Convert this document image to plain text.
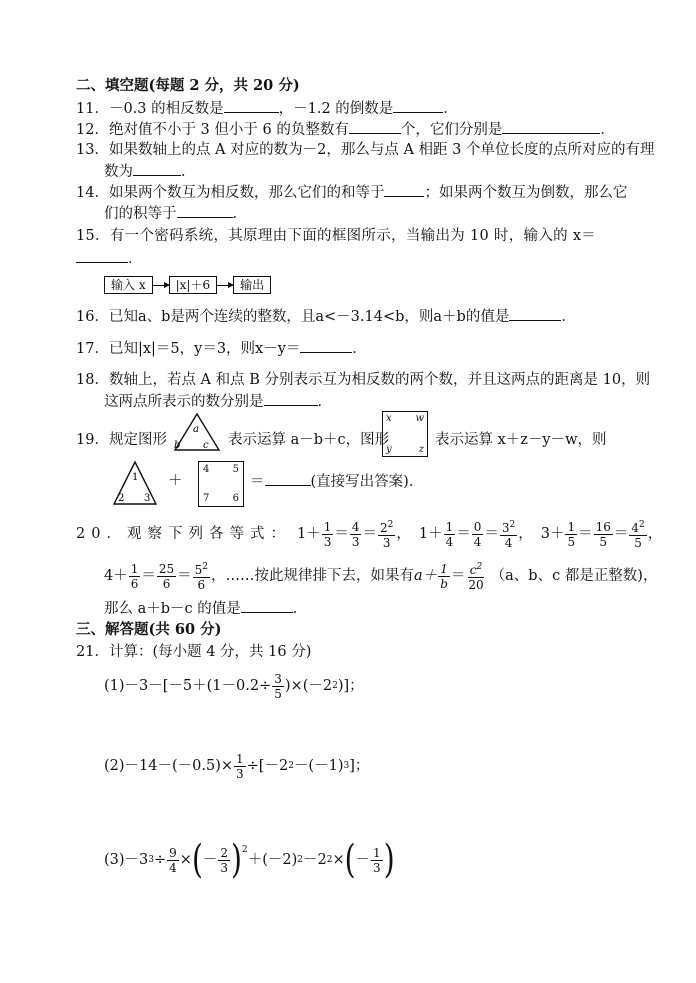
二、填空题(每题 2 分，共 20 分)
11．－0.3 的相反数是	，－1.2 的倒数是	．
12．绝对值不小于 3 但小于 6 的负整数有	个，它们分别是	．
13．如果数轴上的点 A 对应的数为－2，那么与点 A 相距 3 个单位长度的点所对应的有理
数为	．
14．如果两个数互为相反数，那么它们的和等于	；如果两个数互为倒数，那么它
们的积等于	．
15．有一个密码系统，其原理由下面的框图所示，当输出为 10 时，输入的 x＝
．
输入 x	|x|＋6	输出
16．已知a、b是两个连续的整数，且a<－3.14<b，则a＋b的值是	．
17．已知|x|＝5，y＝3，则x－y＝	．
18．数轴上，若点 A 和点 B 分别表示互为相反数的两个数，并且这两点的距离是 10，则
这两点所表示的数分别是	．
19．规定图形
a
b c 表示运算 a－b＋c，图形
x w
y	z
表示运算 x＋z－y－w，则
1
2 3
＋
4 5
7 6
＝	(直接写出答案)．
20．观察下列各等式： $1+ \frac{1}{3} = \frac{4}{3} = \frac{2^2}{3}$ ， $1+ \frac{1}{4} = \frac{0}{4} = \frac{3^2}{4}$ ， $3+ \frac{1}{5} = \frac{16}{5} = \frac{4^2}{5}$ ，
$4+ \frac{1}{6} = \frac{25}{6} = \frac{5^2}{6}$ ， ……按此规律排下去，如果有 $a+ \frac{1}{b} = \frac{c^2}{20} (a$、b、c 都是正整数)，
那么 a＋b－c 的值是	．
三、解答题(共 60 分)
21．计算：(每小题 4 分，共 16 分)
$(1)-3-[-5+(1-0.2\div \frac{3}{5} )\times(-2$ 2 )]；
$(2)-14-(-0.5)\times \frac{1}{3} \div[-2$ 2 －(－1) 3 ]；
(3)－3 $3 \div \frac{9}{4}$ × ( － $\frac{2}{3} )^2$
＋(－2) 2 －2 2 × ( － $\frac{1}{3}$ )
